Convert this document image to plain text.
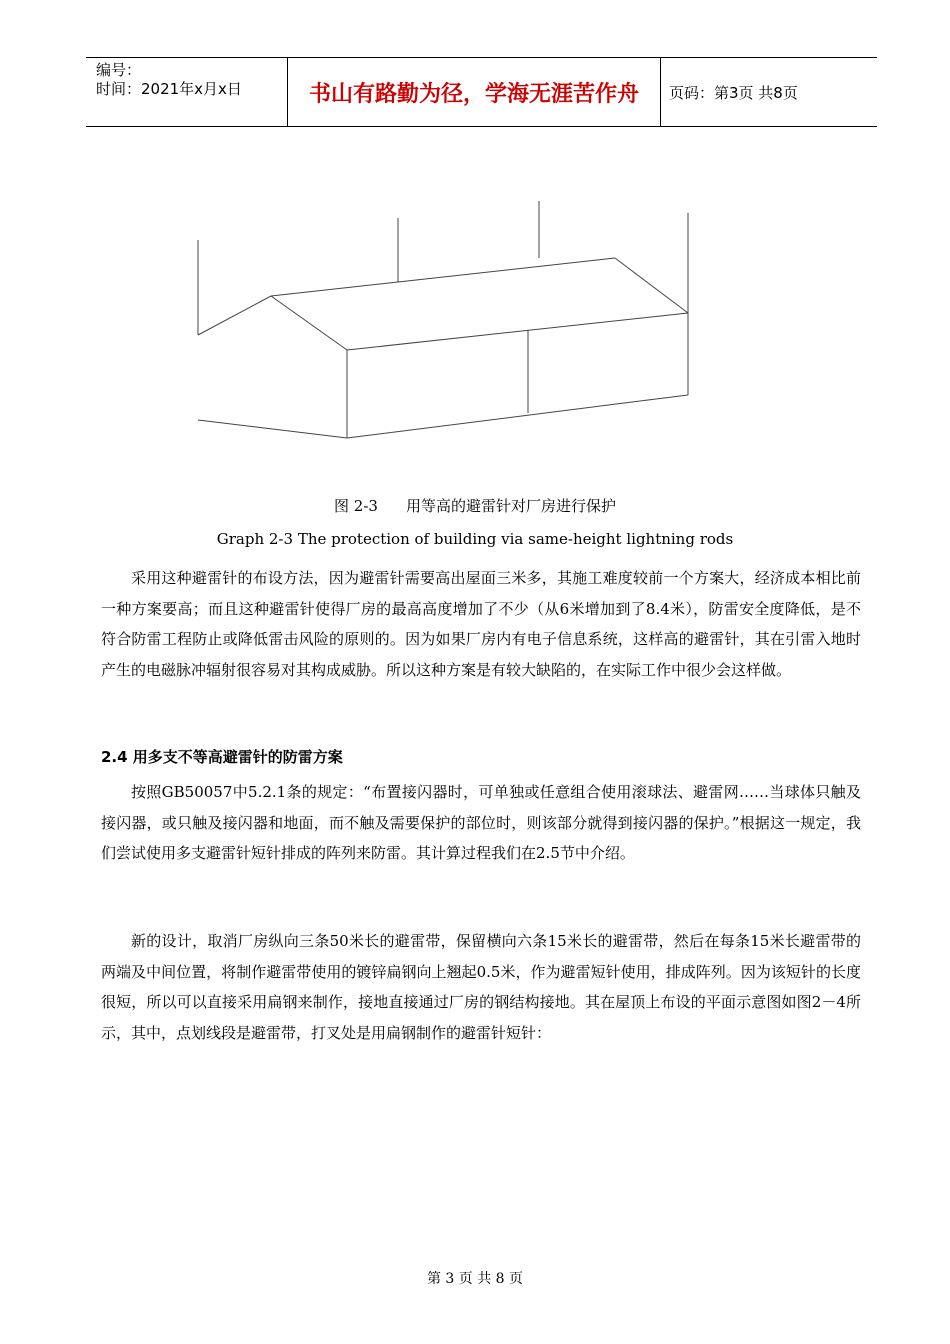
编号：
时间：2021年x月x日	书山有路勤为径，学海无涯苦作舟	页码：第3页 共8页
图 2-3 用等高的避雷针对厂房进行保护
Graph 2-3 The protection of building via same-height lightning rods

采用这种避雷针的布设方法，因为避雷针需要高出屋面三米多，其施工难度较前一个方案大，经济成本相比前一种方案要高；而且这种避雷针使得厂房的最高高度增加了不少（从6米增加到了8.4米），防雷安全度降低，是不符合防雷工程防止或降低雷击风险的原则的。因为如果厂房内有电子信息系统，这样高的避雷针，其在引雷入地时产生的电磁脉冲辐射很容易对其构成威胁。所以这种方案是有较大缺陷的，在实际工作中很少会这样做。

2.4 用多支不等高避雷针的防雷方案

按照GB50057中5.2.1条的规定：“布置接闪器时，可单独或任意组合使用滚球法、避雷网……当球体只触及接闪器，或只触及接闪器和地面，而不触及需要保护的部位时，则该部分就得到接闪器的保护。”根据这一规定，我们尝试使用多支避雷针短针排成的阵列来防雷。其计算过程我们在2.5节中介绍。

新的设计，取消厂房纵向三条50米长的避雷带，保留横向六条15米长的避雷带，然后在每条15米长避雷带的两端及中间位置，将制作避雷带使用的镀锌扁钢向上翘起0.5米，作为避雷短针使用，排成阵列。因为该短针的长度很短，所以可以直接采用扁钢来制作，接地直接通过厂房的钢结构接地。其在屋顶上布设的平面示意图如图2－4所示，其中，点划线段是避雷带，打叉处是用扁钢制作的避雷针短针：

第 3 页 共 8 页
